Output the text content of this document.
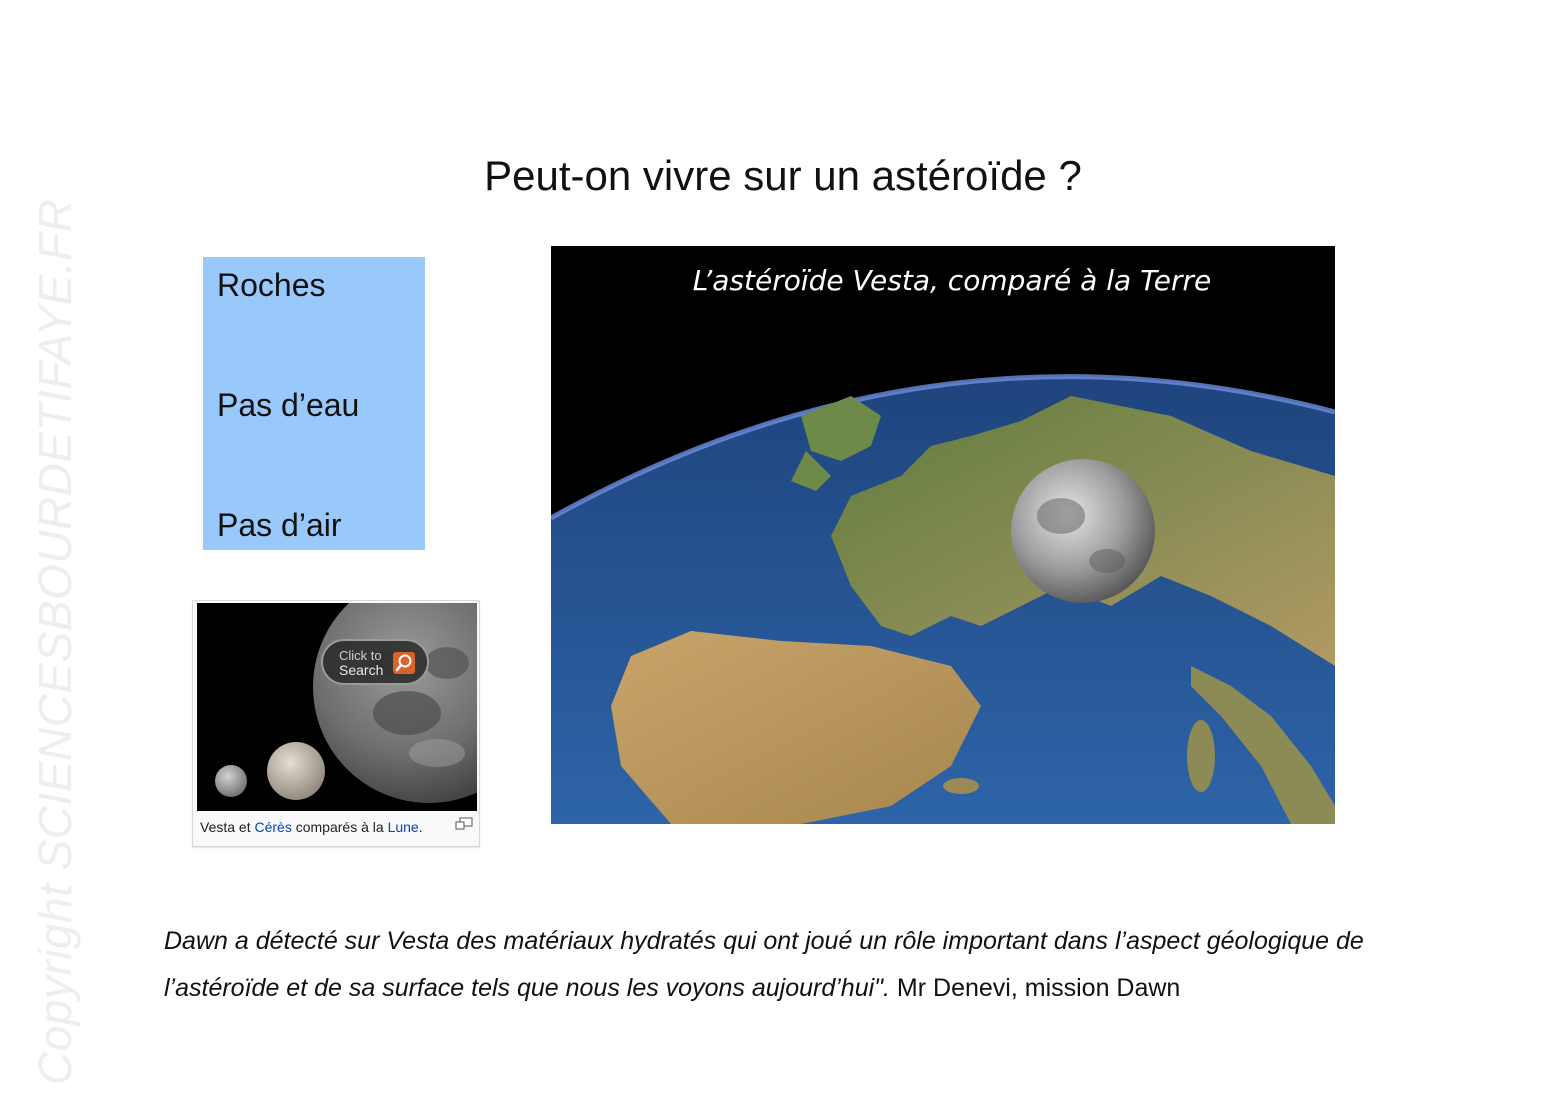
Copyright SCIENCESBOURDETIFAYE.FR
Peut-on vivre sur un astéroïde ?
Roches
Pas d’eau
Pas d’air
Click to
Search
Vesta et Cérès comparés à la Lune.
L’astéroïde Vesta, comparé à la Terre
Dawn a détecté sur Vesta des matériaux hydratés qui ont joué un rôle important dans l’aspect géologique de l’astéroïde et de sa surface tels que nous les voyons aujourd’hui". Mr Denevi, mission Dawn
